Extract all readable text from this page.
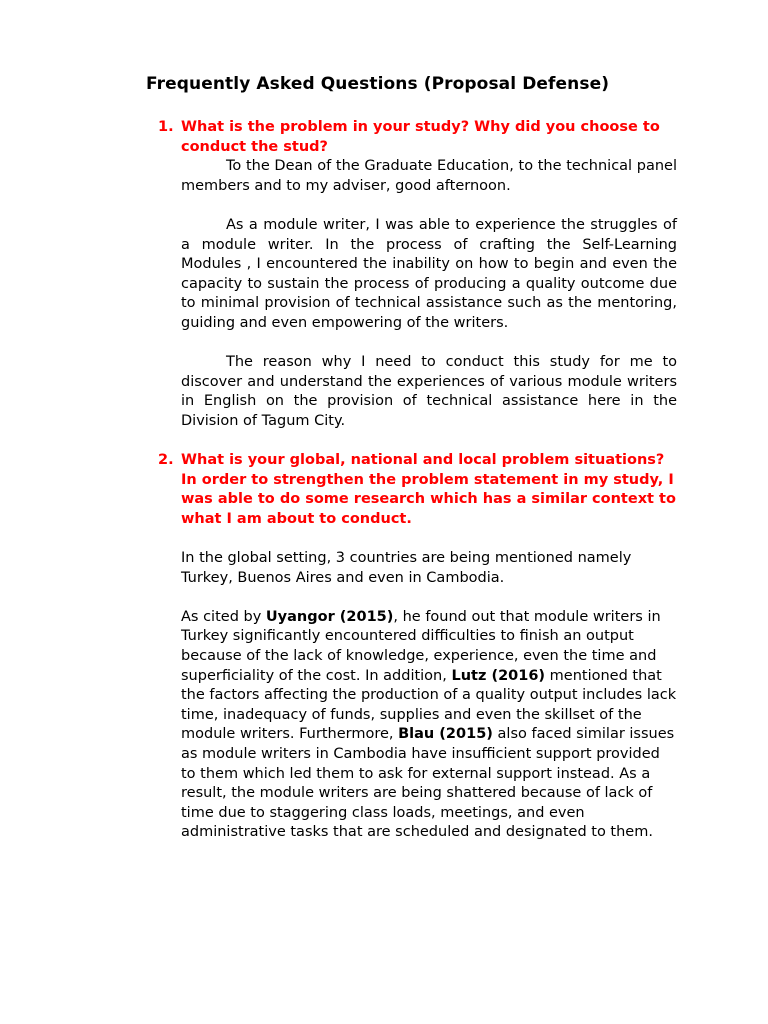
Frequently Asked Questions (Proposal Defense)
1. What is the problem in your study? Why did you choose to conduct the stud?

To the Dean of the Graduate Education, to the technical panel members and to my adviser, good afternoon.

As a module writer, I was able to experience the struggles of a module writer. In the process of crafting the Self-Learning Modules , I encountered the inability on how to begin and even the capacity to sustain the process of producing a quality outcome due to minimal provision of technical assistance such as the mentoring, guiding and even empowering of the writers.

The reason why I need to conduct this study for me to discover and understand the experiences of various module writers in English on the provision of technical assistance here in the Division of Tagum City.

2. What is your global, national and local problem situations?

In order to strengthen the problem statement in my study, I was able to do some research which has a similar context to what I am about to conduct.

In the global setting, 3 countries are being mentioned namely Turkey, Buenos Aires and even in Cambodia.

As cited by Uyangor (2015), he found out that module writers in Turkey significantly encountered difficulties to finish an output because of the lack of knowledge, experience, even the time and superficiality of the cost. In addition, Lutz (2016) mentioned that the factors affecting the production of a quality output includes lack time, inadequacy of funds, supplies and even the skillset of the module writers. Furthermore, Blau (2015) also faced similar issues as module writers in Cambodia have insufficient support provided to them which led them to ask for external support instead. As a result, the module writers are being shattered because of lack of time due to staggering class loads, meetings, and even administrative tasks that are scheduled and designated to them.
